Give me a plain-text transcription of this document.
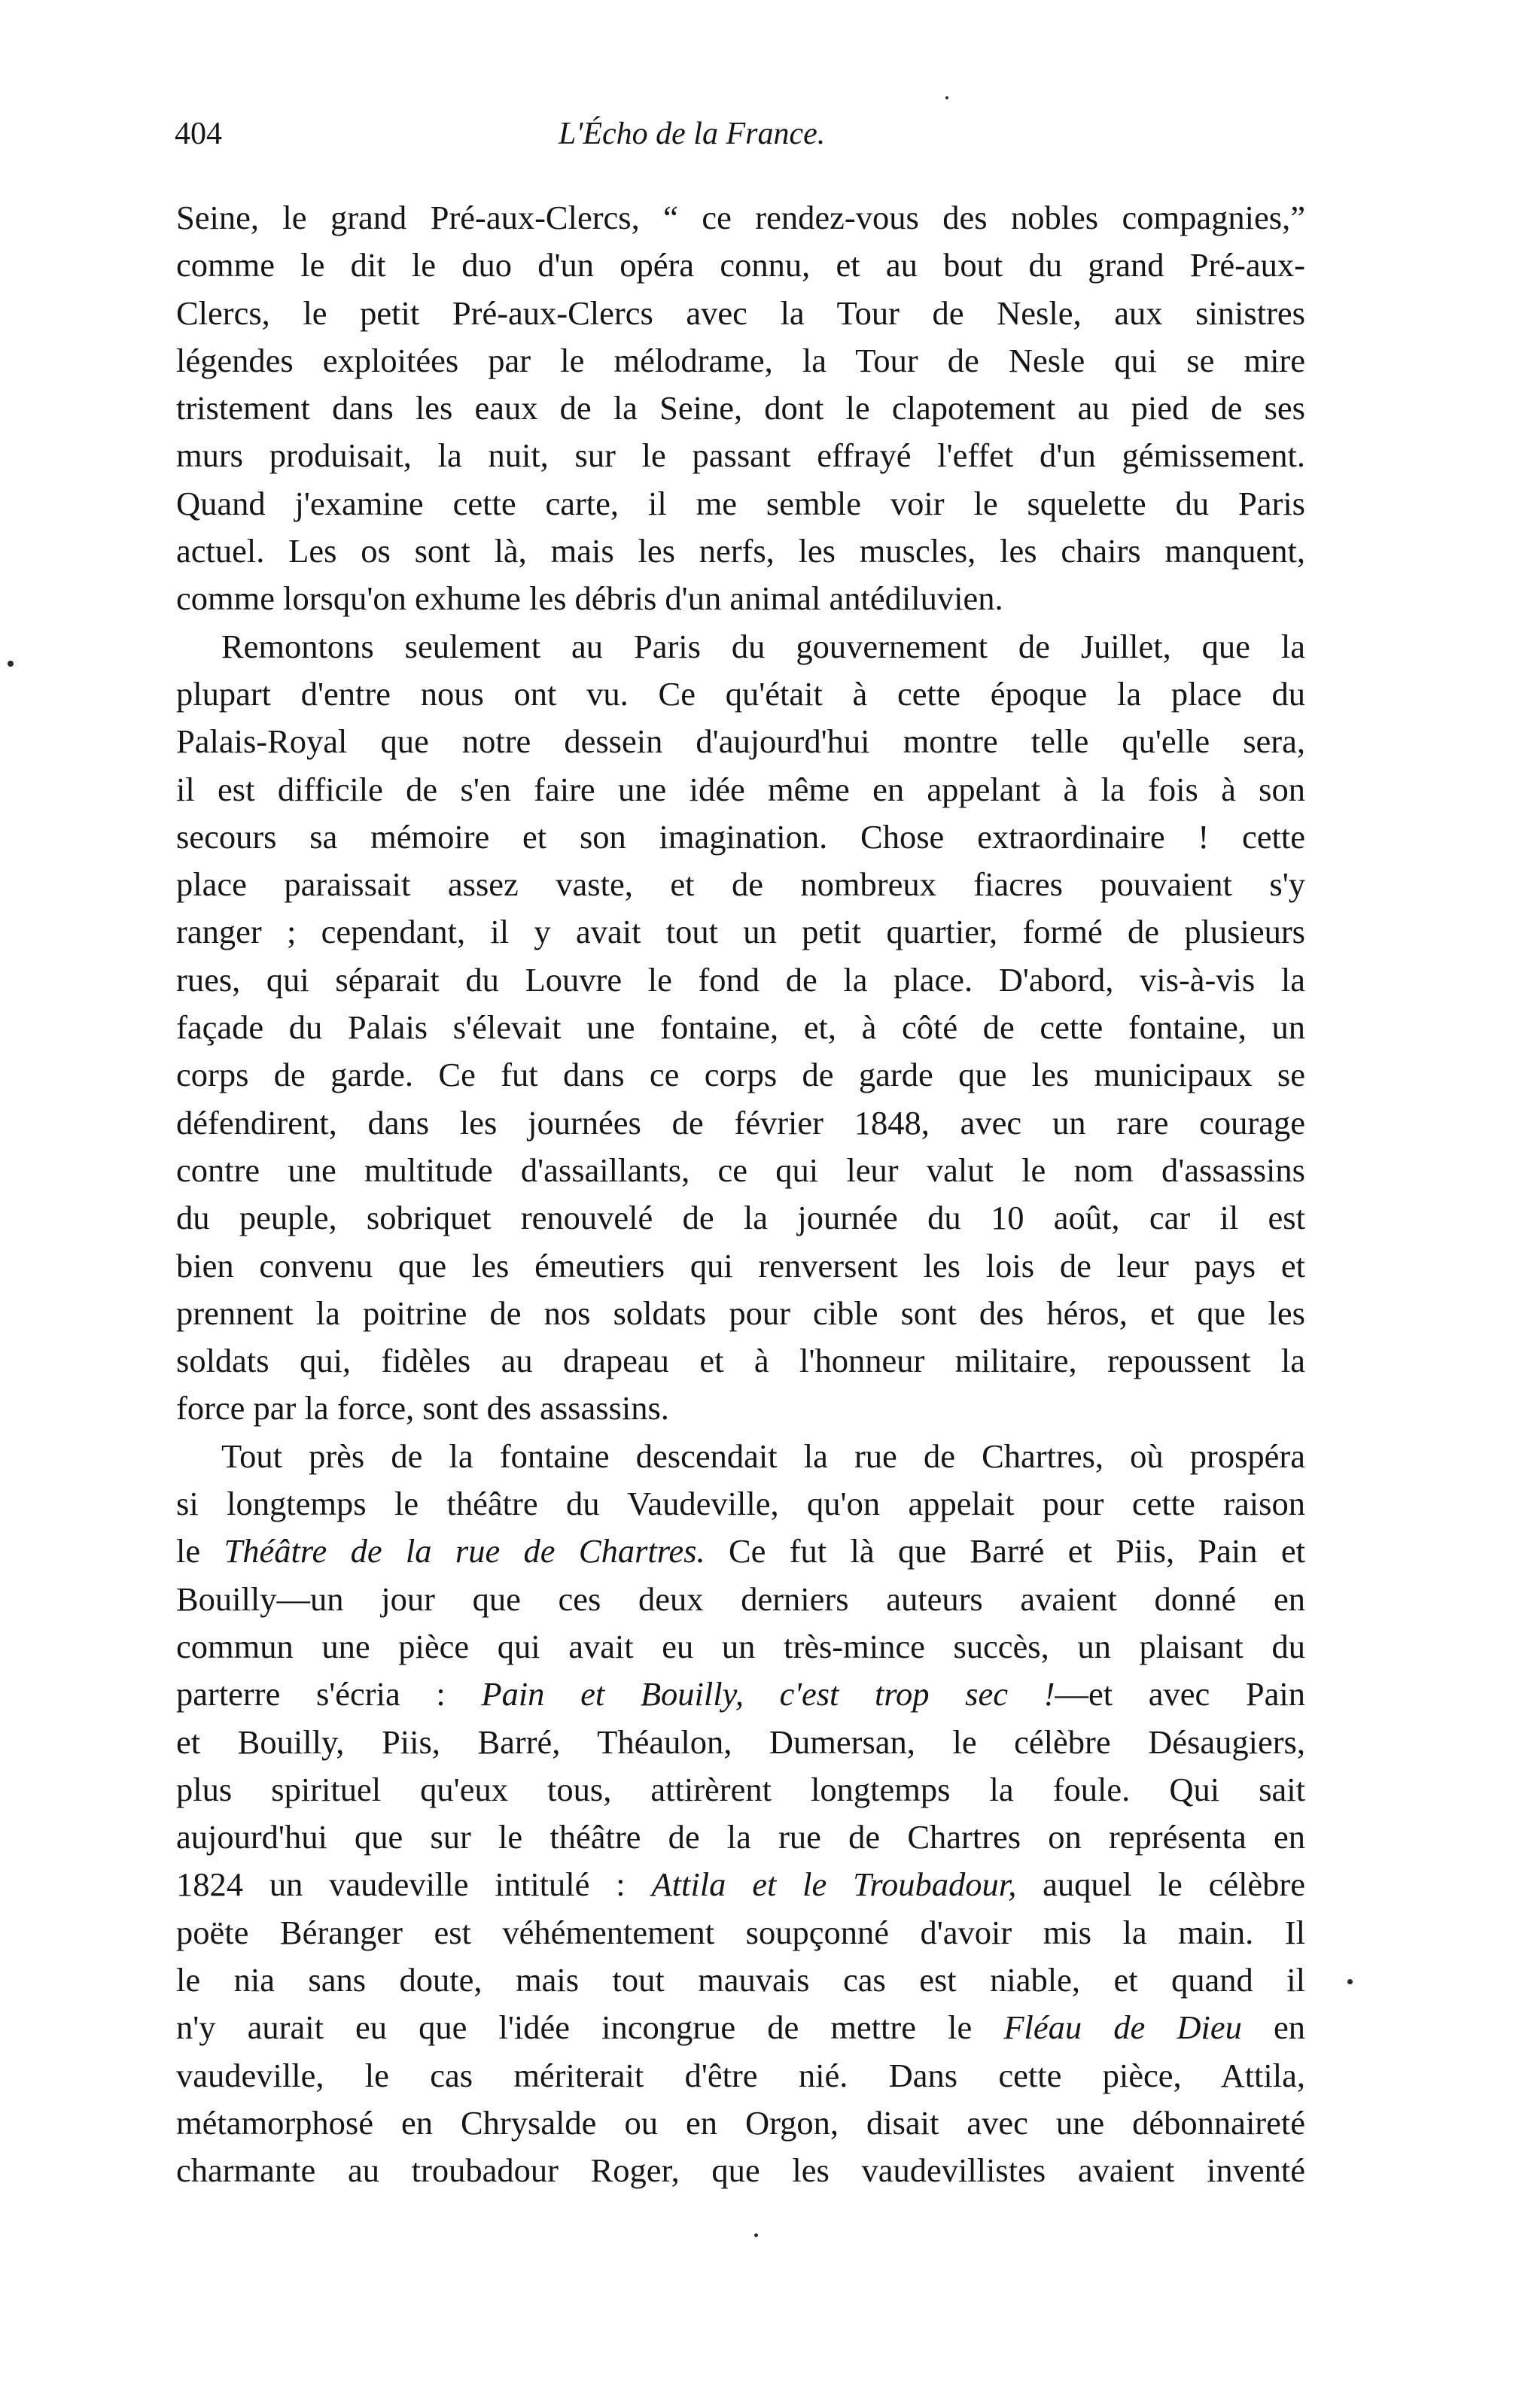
404	L'Écho de la France.
Seine, le grand Pré-aux-Clercs, “ ce rendez-vous des nobles compagnies,”
comme le dit le duo d'un opéra connu, et au bout du grand Pré-aux-
Clercs, le petit Pré-aux-Clercs avec la Tour de Nesle, aux sinistres
légendes exploitées par le mélodrame, la Tour de Nesle qui se mire
tristement dans les eaux de la Seine, dont le clapotement au pied de ses
murs produisait, la nuit, sur le passant effrayé l'effet d'un gémissement.
Quand j'examine cette carte, il me semble voir le squelette du Paris
actuel. Les os sont là, mais les nerfs, les muscles, les chairs manquent,
comme lorsqu'on exhume les débris d'un animal antédiluvien.
Remontons seulement au Paris du gouvernement de Juillet, que la
plupart d'entre nous ont vu. Ce qu'était à cette époque la place du
Palais-Royal que notre dessein d'aujourd'hui montre telle qu'elle sera,
il est difficile de s'en faire une idée même en appelant à la fois à son
secours sa mémoire et son imagination. Chose extraordinaire ! cette
place paraissait assez vaste, et de nombreux fiacres pouvaient s'y
ranger ; cependant, il y avait tout un petit quartier, formé de plusieurs
rues, qui séparait du Louvre le fond de la place. D'abord, vis-à-vis la
façade du Palais s'élevait une fontaine, et, à côté de cette fontaine, un
corps de garde. Ce fut dans ce corps de garde que les municipaux se
défendirent, dans les journées de février 1848, avec un rare courage
contre une multitude d'assaillants, ce qui leur valut le nom d'assassins
du peuple, sobriquet renouvelé de la journée du 10 août, car il est
bien convenu que les émeutiers qui renversent les lois de leur pays et
prennent la poitrine de nos soldats pour cible sont des héros, et que les
soldats qui, fidèles au drapeau et à l'honneur militaire, repoussent la
force par la force, sont des assassins.
Tout près de la fontaine descendait la rue de Chartres, où prospéra
si longtemps le théâtre du Vaudeville, qu'on appelait pour cette raison
le Théâtre de la rue de Chartres. Ce fut là que Barré et Piis, Pain et
Bouilly—un jour que ces deux derniers auteurs avaient donné en
commun une pièce qui avait eu un très-mince succès, un plaisant du
parterre s'écria : Pain et Bouilly, c'est trop sec !—et avec Pain
et Bouilly, Piis, Barré, Théaulon, Dumersan, le célèbre Désaugiers,
plus spirituel qu'eux tous, attirèrent longtemps la foule. Qui sait
aujourd'hui que sur le théâtre de la rue de Chartres on représenta en
1824 un vaudeville intitulé : Attila et le Troubadour, auquel le célèbre
poëte Béranger est véhémentement soupçonné d'avoir mis la main. Il
le nia sans doute, mais tout mauvais cas est niable, et quand il
n'y aurait eu que l'idée incongrue de mettre le Fléau de Dieu en
vaudeville, le cas mériterait d'être nié. Dans cette pièce, Attila,
métamorphosé en Chrysalde ou en Orgon, disait avec une débonnaireté
charmante au troubadour Roger, que les vaudevillistes avaient inventé
